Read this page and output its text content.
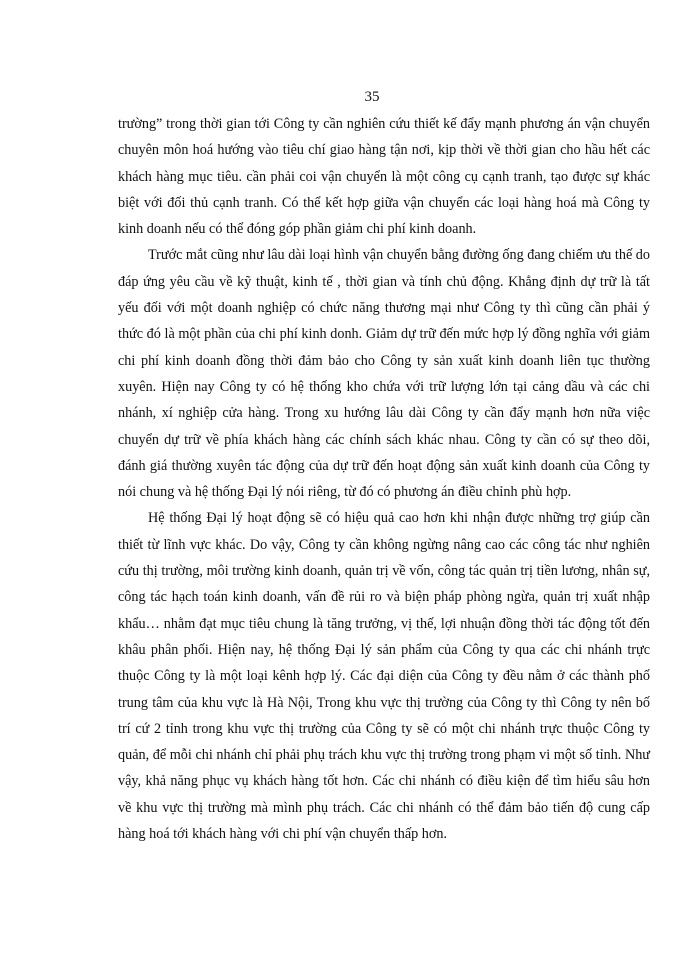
35

trường” trong thời gian tới Công ty cần nghiên cứu thiết kế đẩy mạnh phương án vận chuyển chuyên môn hoá hướng vào tiêu chí giao hàng tận nơi, kịp thời về thời gian cho hầu hết các khách hàng mục tiêu. cần phải coi vận chuyển là một công cụ cạnh tranh, tạo được sự khác biệt với đối thủ cạnh tranh. Có thể kết hợp giữa vận chuyển các loại hàng hoá mà Công ty kinh doanh nếu có thể đóng góp phần giảm chi phí kinh doanh.

Trước mắt cũng như lâu dài loại hình vận chuyển bằng đường ống đang chiếm ưu thế do đáp ứng yêu cầu về kỹ thuật, kinh tế , thời gian và tính chủ động. Khẳng định dự trữ là tất yếu đối với một doanh nghiệp có chức năng thương mại như Công ty thì cũng cần phải ý thức đó là một phần của chi phí kinh donh. Giảm dự trữ đến mức hợp lý đồng nghĩa với giảm chi phí kinh doanh đồng thời đảm bảo cho Công ty sản xuất kinh doanh liên tục thường xuyên. Hiện nay Công ty có hệ thống kho chứa với trữ lượng lớn tại cảng dầu và các chi nhánh, xí nghiệp cửa hàng. Trong xu hướng lâu dài Công ty cần đẩy mạnh hơn nữa việc chuyển dự trữ về phía khách hàng các chính sách khác nhau. Công ty cần có sự theo dõi, đánh giá thường xuyên tác động của dự trữ đến hoạt động sản xuất kinh doanh của Công ty nói chung và hệ thống Đại lý nói riêng, từ đó có phương án điều chỉnh phù hợp.

Hệ thống Đại lý hoạt động sẽ có hiệu quả cao hơn khi nhận được những trợ giúp cần thiết từ lĩnh vực khác. Do vậy, Công ty cần không ngừng nâng cao các công tác như nghiên cứu thị trường, môi trường kinh doanh, quản trị về vốn, công tác quản trị tiền lương, nhân sự, công tác hạch toán kinh doanh, vấn đề rủi ro và biện pháp phòng ngừa, quản trị xuất nhập khẩu… nhằm đạt mục tiêu chung là tăng trưởng, vị thế, lợi nhuận đồng thời tác động tốt đến khâu phân phối. Hiện nay, hệ thống Đại lý sản phẩm của Công ty qua các chi nhánh trực thuộc Công ty là một loại kênh hợp lý. Các đại diện của Công ty đều nằm ở các thành phố trung tâm của khu vực là Hà Nội, Trong khu vực thị trường của Công ty thì Công ty nên bố trí cứ 2 tỉnh trong khu vực thị trường của Công ty sẽ có một chi nhánh trực thuộc Công ty quản, để mỗi chi nhánh chỉ phải phụ trách khu vực thị trường trong phạm vi một số tỉnh. Như vậy, khả năng phục vụ khách hàng tốt hơn. Các chi nhánh có điều kiện để tìm hiểu sâu hơn về khu vực thị trường mà mình phụ trách. Các chi nhánh có thể đảm bảo tiến độ cung cấp hàng hoá tới khách hàng với chi phí vận chuyển thấp hơn.
